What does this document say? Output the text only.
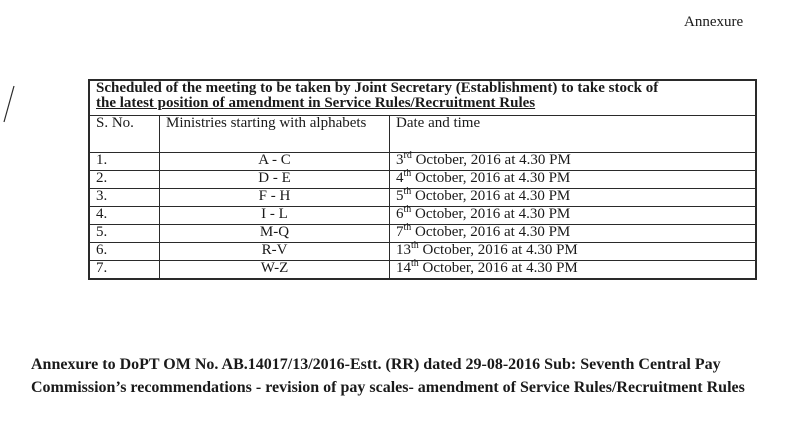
Annexure
Scheduled of the meeting to be taken by Joint Secretary (Establishment) to take stock of
the latest position of amendment in Service Rules/Recruitment Rules		

S. No.	Ministries starting with alphabets	Date and time
1.	A - C	3rd October, 2016 at 4.30 PM
2.	D - E	4th October, 2016 at 4.30 PM
3.	F - H	5th October, 2016 at 4.30 PM
4.	I - L	6th October, 2016 at 4.30 PM
5.	M-Q	7th October, 2016 at 4.30 PM
6.	R-V	13th October, 2016 at 4.30 PM
7.	W-Z	14th October, 2016 at 4.30 PM
Annexure to DoPT OM No. AB.14017/13/2016-Estt. (RR) dated 29-08-2016 Sub: Seventh Central Pay Commission’s recommendations - revision of pay scales- amendment of Service Rules/Recruitment Rules
